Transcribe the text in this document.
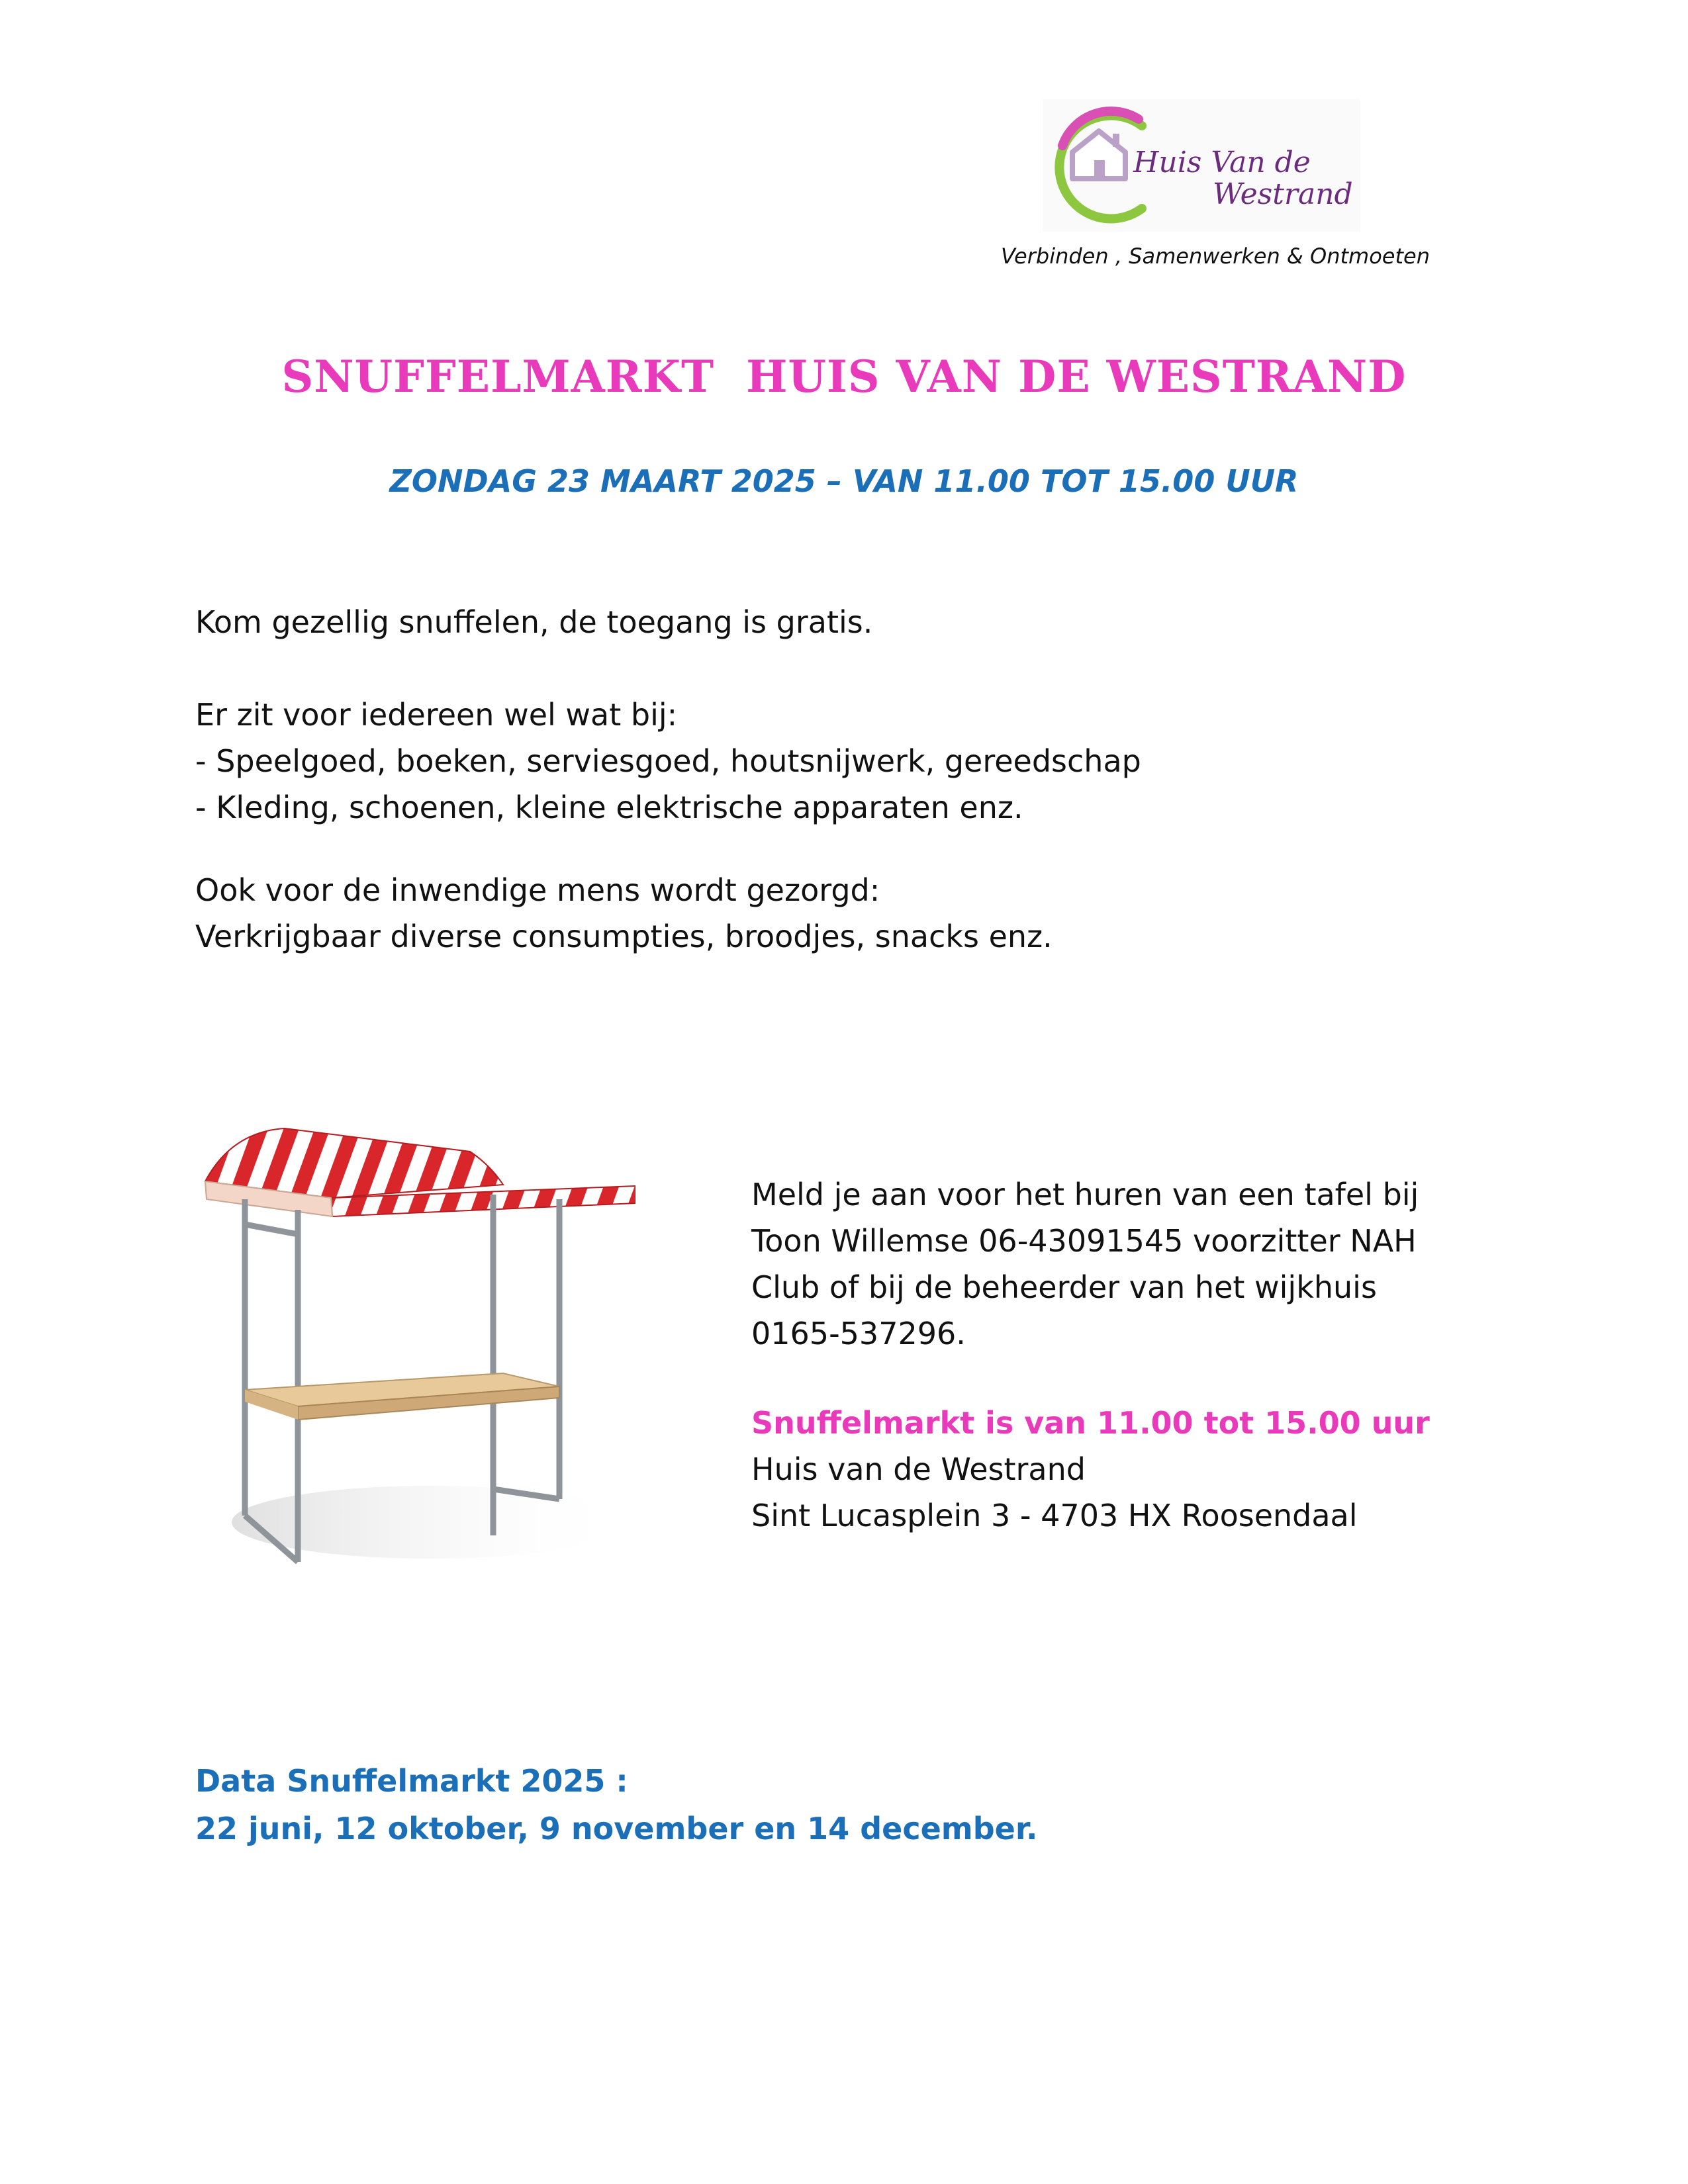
Huis Van de
Westrand
Verbinden , Samenwerken & Ontmoeten
SNUFFELMARKT  HUIS VAN DE WESTRAND
ZONDAG 23 MAART 2025 – VAN 11.00 TOT 15.00 UUR
Kom gezellig snuffelen, de toegang is gratis.
Er zit voor iedereen wel wat bij:
- Speelgoed, boeken, serviesgoed, houtsnijwerk, gereedschap
- Kleding, schoenen, kleine elektrische apparaten enz.
Ook voor de inwendige mens wordt gezorgd:
Verkrijgbaar diverse consumpties, broodjes, snacks enz.
Meld je aan voor het huren van een tafel bij
Toon Willemse 06-43091545 voorzitter NAH
Club of bij de beheerder van het wijkhuis
0165-537296.
Snuffelmarkt is van 11.00 tot 15.00 uur
Huis van de Westrand
Sint Lucasplein 3 - 4703 HX Roosendaal
Data Snuffelmarkt 2025 :
22 juni, 12 oktober, 9 november en 14 december.
